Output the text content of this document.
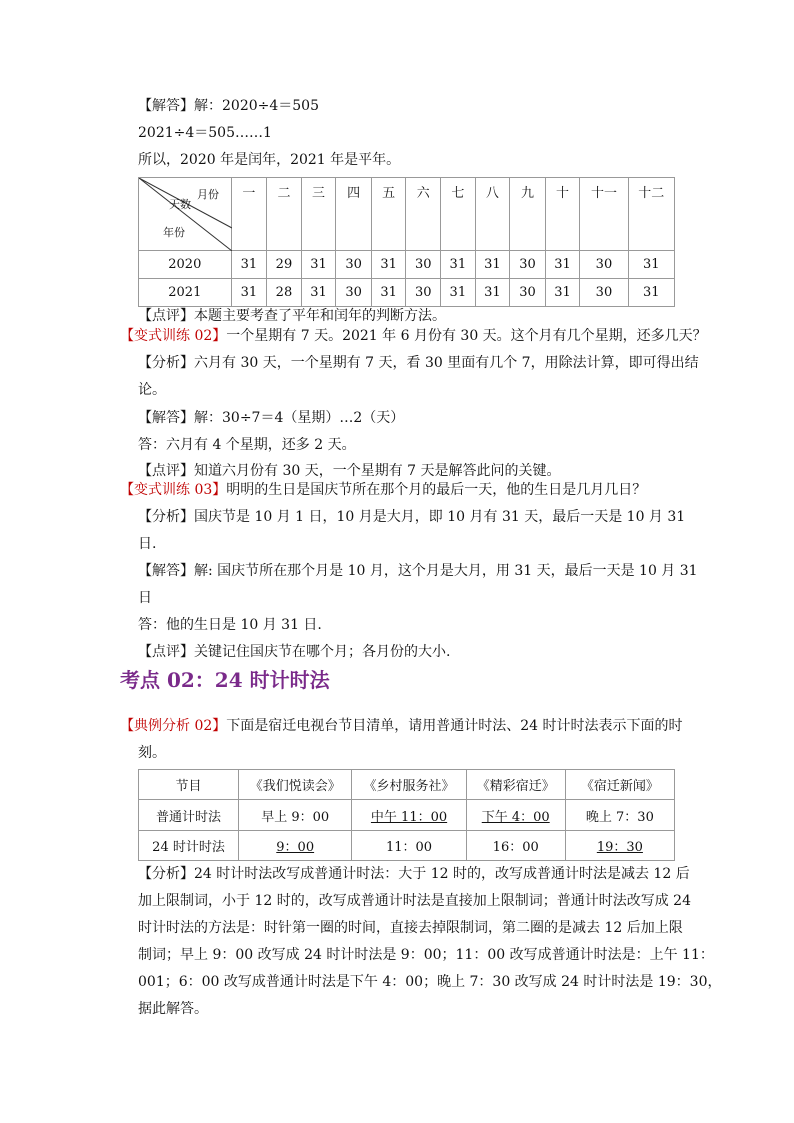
【解答】解：2020÷4＝505
2021÷4＝505……1
所以，2020 年是闰年，2021 年是平年。
月份
天数
年份	一	二	三	四	五	六	七	八	九	十	十一	十二
2020	31	29	31	30	31	30	31	31	30	31	30	31
2021	31	28	31	30	31	30	31	31	30	31	30	31
【点评】本题主要考查了平年和闰年的判断方法。
【变式训练 02】一个星期有 7 天。2021 年 6 月份有 30 天。这个月有几个星期，还多几天？
【分析】六月有 30 天，一个星期有 7 天，看 30 里面有几个 7，用除法计算，即可得出结
论。
【解答】解：30÷7＝4（星期）…2（天）
答：六月有 4 个星期，还多 2 天。
【点评】知道六月份有 30 天，一个星期有 7 天是解答此问的关键。
【变式训练 03】明明的生日是国庆节所在那个月的最后一天，他的生日是几月几日？
【分析】国庆节是 10 月 1 日，10 月是大月，即 10 月有 31 天，最后一天是 10 月 31
日.
【解答】解: 国庆节所在那个月是 10 月，这个月是大月，用 31 天，最后一天是 10 月 31
日
答：他的生日是 10 月 31 日.
【点评】关键记住国庆节在哪个月；各月份的大小.
考点 02：24 时计时法
【典例分析 02】下面是宿迁电视台节目清单，请用普通计时法、24 时计时法表示下面的时
刻。
节目	《我们悦读会》	《乡村服务社》	《精彩宿迁》	《宿迁新闻》
普通计时法	早上 9：00	中午 11：00	下午 4：00	晚上 7：30
24 时计时法	9：00	11：00	16：00	19：30
【分析】24 时计时法改写成普通计时法：大于 12 时的，改写成普通计时法是减去 12 后
加上限制词，小于 12 时的，改写成普通计时法是直接加上限制词；普通计时法改写成 24
时计时法的方法是：时针第一圈的时间，直接去掉限制词，第二圈的是减去 12 后加上限
制词；早上 9：00 改写成 24 时计时法是 9：00；11：00 改写成普通计时法是：上午 11：
001；6：00 改写成普通计时法是下午 4：00；晚上 7：30 改写成 24 时计时法是 19：30，
据此解答。
